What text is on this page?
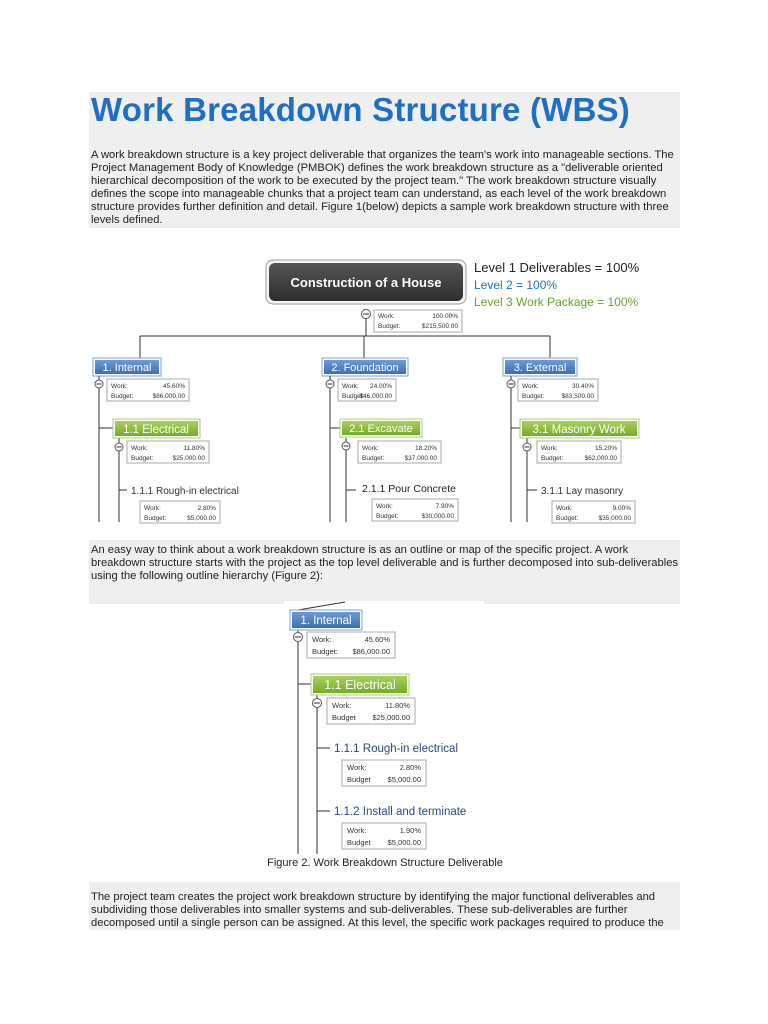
Work Breakdown Structure (WBS)

A work breakdown structure is a key project deliverable that organizes the team's work into manageable sections. The Project Management Body of Knowledge (PMBOK) defines the work breakdown structure as a "deliverable oriented hierarchical decomposition of the work to be executed by the project team." The work breakdown structure visually defines the scope into manageable chunks that a project team can understand, as each level of the work breakdown structure provides further definition and detail. Figure 1(below) depicts a sample work breakdown structure with three levels defined.

An easy way to think about a work breakdown structure is as an outline or map of the specific project. A work breakdown structure starts with the project as the top level deliverable and is further decomposed into sub-deliverables using the following outline hierarchy (Figure 2):

The project team creates the project work breakdown structure by identifying the major functional deliverables and subdividing those deliverables into smaller systems and sub-deliverables. These sub-deliverables are further decomposed until a single person can be assigned. At this level, the specific work packages required to produce the

Construction of a House
Work:	100.00%
Budget:	$215,500.00
Level 1 Deliverables = 100%
Level 2 = 100%
Level 3 Work Package = 100%
1. Internal
Work:	45.60%
Budget:	$86,000.00
1.1 Electrical
Work:	11.80%
Budget:	$25,000.00
1.1.1 Rough-in electrical
Work:	2.80%
Budget:	$5,000.00
2. Foundation
Work: 24.00%
Budget:
$46,000.00
2.1 Excavate
Work:	18.20%
Budget:	$37,000.00
2.1.1 Pour Concrete
Work:	7.90%
Budget:	$30,000.00
3. External
Work:	30.40%
Budget:	$83,500.00
3.1 Masonry Work
Work:	15.20%
Budget:	$62,000.00
3.1.1 Lay masonry
Work:	9.00%
Budget:	$35,000.00
1. Internal
Work:	45.60%
Budget: $86,000.00
1.1 Electrical
Work:	11.80%
Budget $25,000.00
1.1.1 Rough-in electrical
Work:	2.80%
Budget $5,000.00
1.1.2 Install and terminate
Work:	1.90%
Budget $5,000.00
Figure 2. Work Breakdown Structure Deliverable
